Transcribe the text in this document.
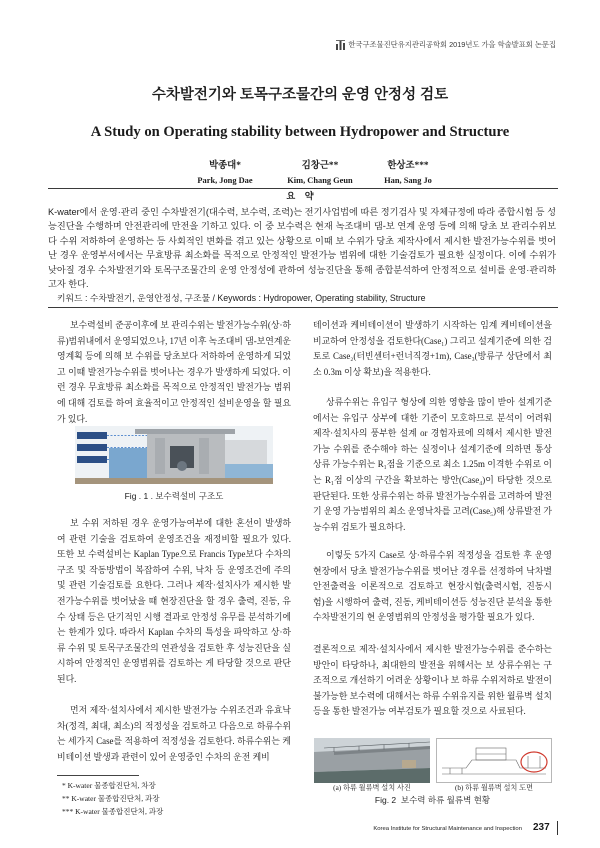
한국구조물진단유지관리공학회 2019년도 가을 학술발표회 논문집
수차발전기와 토목구조물간의 운영 안정성 검토
A Study on Operating stability between Hydropower and Structure
박종대*
Park, Jong Dae
김창근**
Kim, Chang Geun
한상조***
Han, Sang Jo
요 약

K-water에서 운영·관리 중인 수차발전기(대수력, 보수력, 조력)는 전기사업법에 따른 정기검사 및 자체규정에 따라 종합시험 등 성능진단을 수행하며 안전관리에 만전을 기하고 있다. 이 중 보수력은 현재 녹조대비 댐-보 연계 운영 등에 의해 당초 보 관리수위보다 수위 저하하여 운영하는 등 사회적인 변화를 겪고 있는 상황으로 이때 보 수위가 당초 제작사에서 제시한 발전가능수위를 벗어난 경우 운영부서에서는 무효방류 최소화를 목적으로 안정적인 발전가능 범위에 대한 기술검토가 필요한 실정이다. 이에 수위가 낮아질 경우 수차발전기와 토목구조물간의 운영 안정성에 관하여 성능진단을 통해 종합분석하여 안정적으로 설비를 운영·관리하고자 한다.

키워드 : 수차발전기, 운영안정성, 구조물 / Keywords : Hydropower, Operating stability, Structure

보수력설비 준공이후에 보 관리수위는 발전가능수위(상·하류)범위내에서 운영되었으나, 17년 이후 녹조대비 댐-보연계운영계획 등에 의해 보 수위를 당초보다 저하하여 운영하게 되었고 이때 발전가능수위를 벗어나는 경우가 발생하게 되었다. 이런 경우 무효방류 최소화를 목적으로 안정적인 발전가능 범위에 대해 검토를 하여 효율적이고 안정적인 설비운영을 할 필요가 있다.

Fig . 1 . 보수력설비 구조도

보 수위 저하된 경우 운영가능여부에 대한 혼선이 발생하여 관련 기술을 검토하여 운영조건을 재정비할 필요가 있다. 또한 보 수력설비는 Kaplan Type으로 Francis Type보다 수차의 구조 및 작동방법이 복잡하여 수위, 낙차 등 운영조건에 주의 및 관련 기술검토를 요한다. 그러나 제작·설치사가 제시한 발전가능수위를 벗어났을 때 현장진단을 할 경우 출력, 진동, 유수 상태 등은 단기적인 시행 결과로 안정성 유무를 분석하기에는 한계가 있다. 따라서 Kaplan 수차의 특성을 파악하고 상·하류 수위 및 토목구조물간의 연관성을 검토한 후 성능진단을 실시하여 안정적인 운영범위를 검토하는 게 타당할 것으로 판단된다.

먼저 제작·설치사에서 제시한 발전가능 수위조건과 유효낙차(정격, 최대, 최소)의 적정성을 검토하고 다음으로 하류수위는 세가지 Case를 적용하여 적정성을 검토한다. 하류수위는 케비테이션 발생과 관련이 있어 운영중인 수차의 운전 케비

* K-water 물종합진단처, 차장
** K-water 물종합진단처, 과장
*** K-water 물종합진단처, 과장

테이션과 케비테이션이 발생하기 시작하는 임계 케비테이션을 비교하여 안정성을 검토한다(Case₁) 그리고 설계기준에 의한 검토로 Case₂(터빈센터+런너직경+1m), Case₃(방류구 상단에서 최소 0.3m 이상 확보)을 적용한다.

상류수위는 유입구 형상에 의한 영향을 많이 받아 설계기준에서는 유입구 상부에 대한 기준이 모호하므로 분석이 어려워 제작·설치사의 풍부한 설계 or 경험자료에 의해서 제시한 발전가능 수위를 준수해야 하는 실정이나 설계기준에 의하면 통상 상류 가능수위는 R₁점을 기준으로 최소 1.25m 이격한 수위로 이는 R₁점 이상의 구간을 확보하는 방안(Case₄)이 타당한 것으로 판단된다. 또한 상류수위는 하류 발전가능수위를 고려하여 발전기 운영 가능범위의 최소 운영낙차를 고려(Case₅)해 상류발전 가능수위 검토가 필요하다.

이렇듯 5가지 Case로 상·하류수위 적정성을 검토한 후 운영현장에서 당초 발전가능수위를 벗어난 경우를 선정하여 낙차별 안전출력을 이론적으로 검토하고 현장시험(출력시험, 진동시험)을 시행하여 출력, 진동, 케비테이션등 성능진단 분석을 통한 수차발전기의 현 운영범위의 안정성을 평가할 필요가 있다.

결론적으로 제작·설치사에서 제시한 발전가능수위를 준수하는 방안이 타당하나, 최대한의 발전을 위해서는 보 상류수위는 구조적으로 개선하기 어려운 상황이나 보 하류 수위저하로 발전이 불가능한 보수력에 대해서는 하류 수위유지를 위한 월류벽 설치 등을 통한 발전가능 여부검토가 필요할 것으로 사료된다.

(a) 하류 월류벽 설치 사진	(b) 하류 월류벽 설치 도면
Fig. 2  보수력 하류 월류벽 현황
Korea Institute for Structural Maintenance and Inspection 237
